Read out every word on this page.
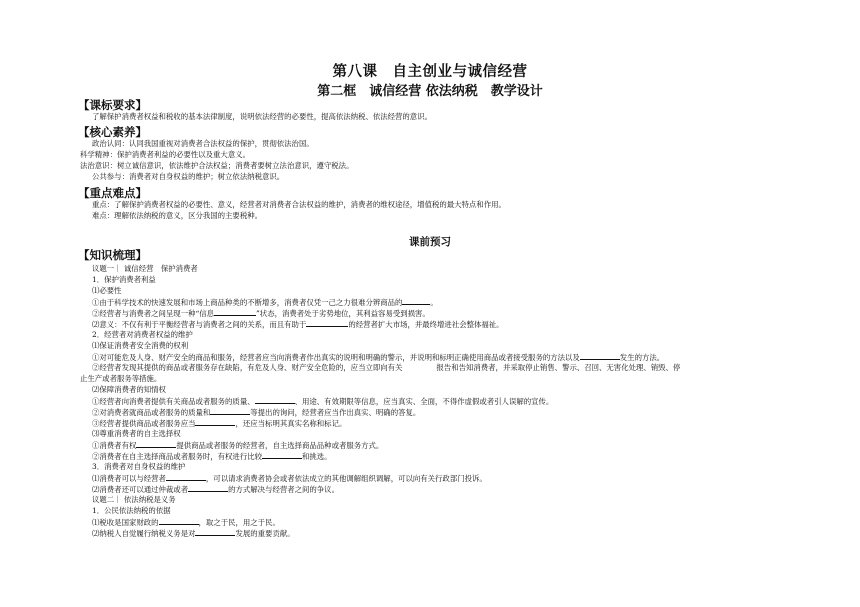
第八课　自主创业与诚信经营
第二框　诚信经营 依法纳税　教学设计
【课标要求】
了解保护消费者权益和税收的基本法律制度，说明依法经营的必要性，提高依法纳税、依法经营的意识。
【核心素养】
政治认同：认同我国重视对消费者合法权益的保护，贯彻依法治国。
科学精神：保护消费者利益的必要性以及重大意义。
法治意识：树立诚信意识，依法维护合法权益；消费者要树立法治意识，遵守税法。
公共参与：消费者对自身权益的维护；树立依法纳税意识。
【重点难点】
重点：了解保护消费者权益的必要性、意义，经营者对消费者合法权益的维护，消费者的维权途径，增值税的最大特点和作用。
难点：理解依法纳税的意义，区分我国的主要税种。
课前预习
【知识梳理】
议题一｜ 诚信经营　保护消费者
1．保护消费者利益
⑴必要性
①由于科学技术的快速发展和市场上商品种类的不断增多，消费者仅凭一己之力很难分辨商品的	。
②经营者与消费者之间呈现一种“信息	”状态，消费者处于劣势地位，其利益容易受到损害。
⑵意义：不仅有利于平衡经营者与消费者之间的关系，而且有助于	的经营者扩大市场，并最终增进社会整体福祉。
2．经营者对消费者权益的维护
⑴保证消费者安全消费的权利
①对可能危及人身、财产安全的商品和服务，经营者应当向消费者作出真实的说明和明确的警示，并说明和标明正确使用商品或者接受服务的方法以及	发生的方法。
②经营者发现其提供的商品或者服务存在缺陷，有危及人身、财产安全危险的，应当立即向有关	报告和告知消费者，并采取停止销售、警示、召回、无害化处理、销毁、停
止生产或者服务等措施。
⑵保障消费者的知情权
①经营者向消费者提供有关商品或者服务的质量、	、用途、有效期限等信息，应当真实、全面，不得作虚假或者引人误解的宣传。
②对消费者就商品或者服务的质量和	等提出的询问，经营者应当作出真实、明确的答复。
③经营者提供商品或者服务应当	，还应当标明其真实名称和标记。
⑶尊重消费者的自主选择权
①消费者有权	提供商品或者服务的经营者，自主选择商品品种或者服务方式。
②消费者在自主选择商品或者服务时，有权进行比较	和挑选。
3．消费者对自身权益的维护
⑴消费者可以与经营者	，可以请求消费者协会或者依法成立的其他调解组织调解，可以向有关行政部门投诉。
⑵消费者还可以通过仲裁或者	的方式解决与经营者之间的争议。
议题二｜ 依法纳税是义务
1．公民依法纳税的依据
⑴税收是国家财政的	，取之于民，用之于民。
⑵纳税人自觉履行纳税义务是对	发展的重要贡献。
